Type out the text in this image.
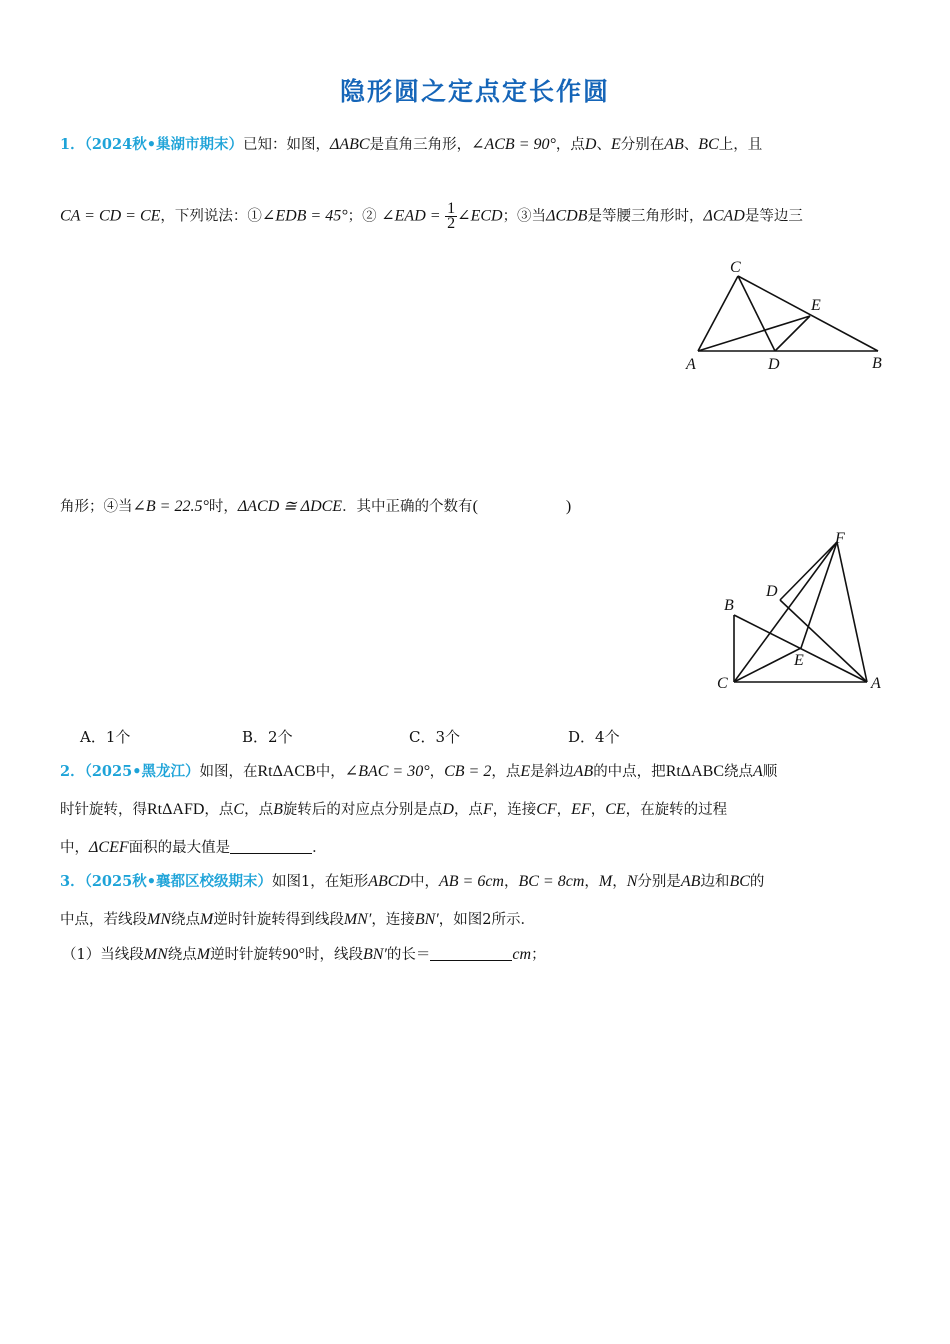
隐形圆之定点定长作圆
1．（2024秋•巢湖市期末）已知：如图，ΔABC是直角三角形，∠ACB = 90°，点D、E分别在AB、BC上，且
CA = CD = CE，下列说法：①∠EDB = 45°；② ∠EAD = $\frac{1}{2}$ ∠ECD；③当ΔCDB是等腰三角形时，ΔCAD是等边三
C
E
A	D	B
角形；④当∠B = 22.5°时，ΔACD ≅ ΔDCE．其中正确的个数有(	)
F
D
B
E
C	A
A．1个	B．2个	C．3个	D．4个
2．（2025•黑龙江）如图，在RtΔACB中，∠BAC = 30°，CB = 2，点E是斜边AB的中点，把RtΔABC绕点A顺
时针旋转，得RtΔAFD，点C，点B旋转后的对应点分别是点D，点F，连接CF，EF，CE，在旋转的过程
中，ΔCEF面积的最大值是	．
3．（2025秋•襄都区校级期末）如图1，在矩形ABCD中，AB = 6cm，BC = 8cm，M，N分别是AB边和BC的
中点，若线段MN绕点M逆时针旋转得到线段MN′，连接BN′，如图2所示．
（1）当线段MN绕点M逆时针旋转90°时，线段BN′的长＝	cm；
